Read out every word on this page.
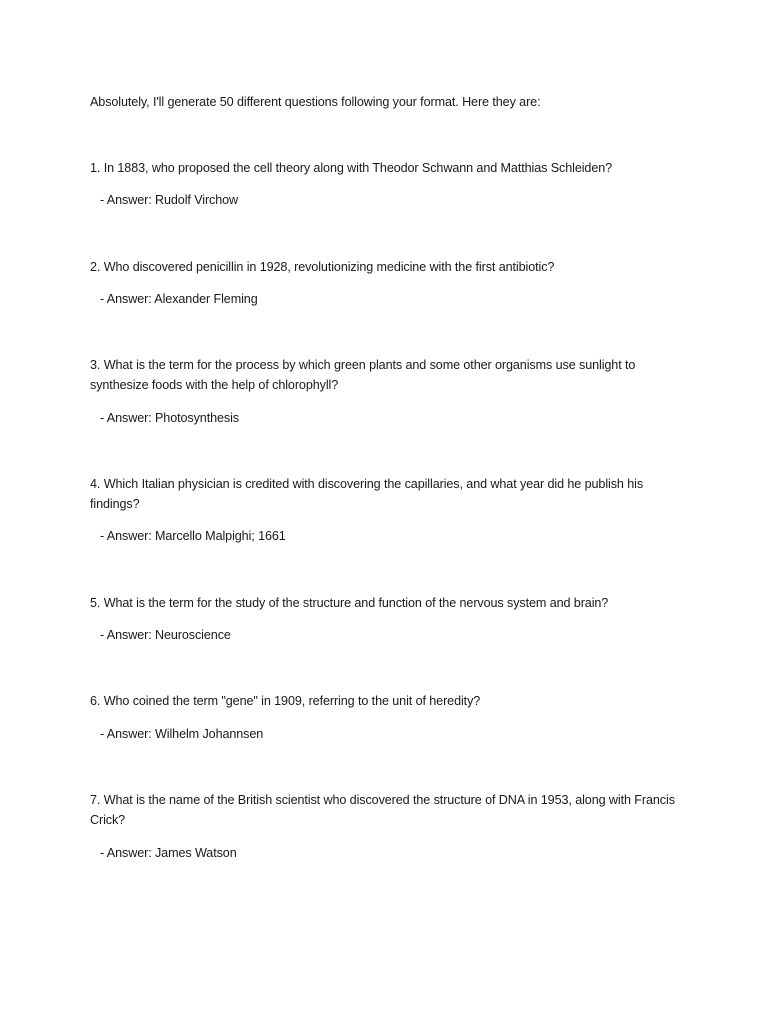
Absolutely, I'll generate 50 different questions following your format. Here they are:
1. In 1883, who proposed the cell theory along with Theodor Schwann and Matthias Schleiden?
- Answer: Rudolf Virchow
2. Who discovered penicillin in 1928, revolutionizing medicine with the first antibiotic?
- Answer: Alexander Fleming
3. What is the term for the process by which green plants and some other organisms use sunlight to synthesize foods with the help of chlorophyll?
- Answer: Photosynthesis
4. Which Italian physician is credited with discovering the capillaries, and what year did he publish his findings?
- Answer: Marcello Malpighi; 1661
5. What is the term for the study of the structure and function of the nervous system and brain?
- Answer: Neuroscience
6. Who coined the term "gene" in 1909, referring to the unit of heredity?
- Answer: Wilhelm Johannsen
7. What is the name of the British scientist who discovered the structure of DNA in 1953, along with Francis Crick?
- Answer: James Watson
